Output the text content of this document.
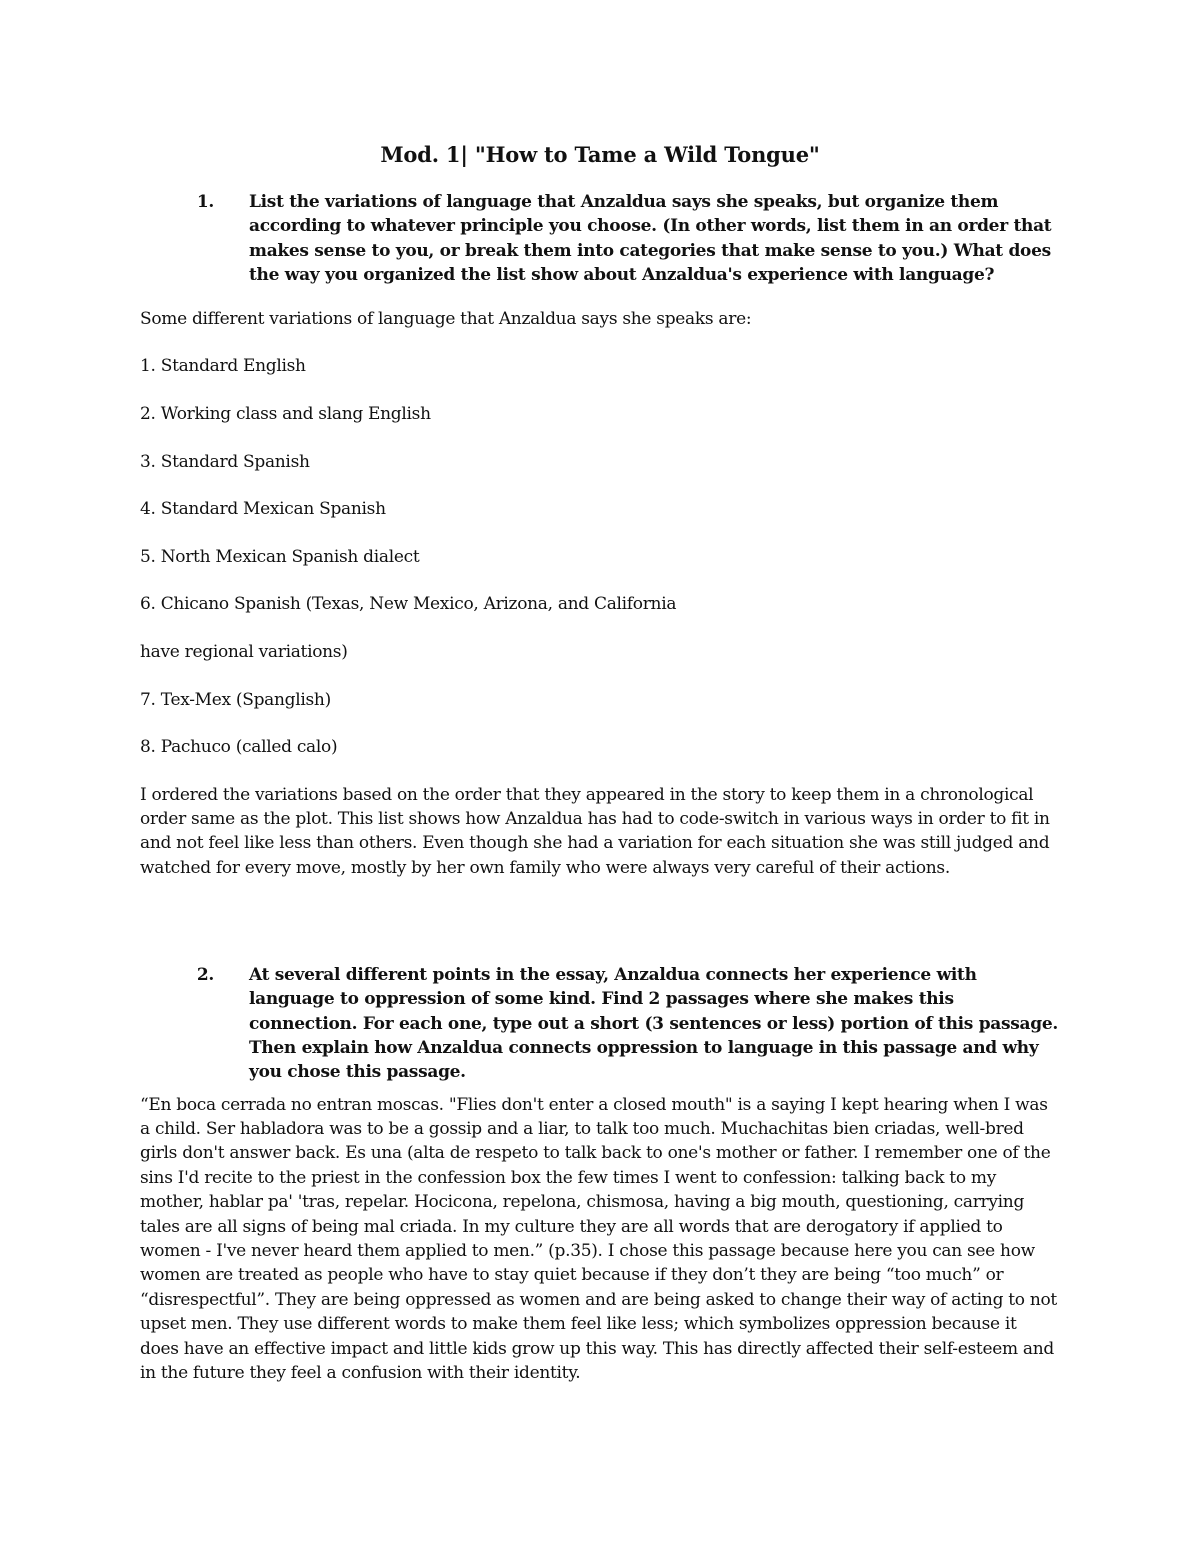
Mod. 1| "How to Tame a Wild Tongue"
1.	List the variations of language that Anzaldua says she speaks, but organize them according to whatever principle you choose. (In other words, list them in an order that makes sense to you, or break them into categories that make sense to you.) What does the way you organized the list show about Anzaldua's experience with language?

Some different variations of language that Anzaldua says she speaks are:

1. Standard English

2. Working class and slang English

3. Standard Spanish

4. Standard Mexican Spanish

5. North Mexican Spanish dialect

6. Chicano Spanish (Texas, New Mexico, Arizona, and California

have regional variations)

7. Tex-Mex (Spanglish)

8. Pachuco (called calo)

I ordered the variations based on the order that they appeared in the story to keep them in a chronological order same as the plot. This list shows how Anzaldua has had to code-switch in various ways in order to fit in and not feel like less than others. Even though she had a variation for each situation she was still judged and watched for every move, mostly by her own family who were always very careful of their actions.

2.	At several different points in the essay, Anzaldua connects her experience with language to oppression of some kind. Find 2 passages where she makes this connection. For each one, type out a short (3 sentences or less) portion of this passage. Then explain how Anzaldua connects oppression to language in this passage and why you chose this passage.

“En boca cerrada no entran moscas. "Flies don't enter a closed mouth" is a saying I kept hearing when I was a child. Ser habladora was to be a gossip and a liar, to talk too much. Muchachitas bien criadas, well-bred girls don't answer back. Es una (alta de respeto to talk back to one's mother or father. I remember one of the sins I'd recite to the priest in the confession box the few times I went to confession: talking back to my mother, hablar pa' 'tras, repelar. Hocicona, repelona, chismosa, having a big mouth, questioning, carrying tales are all signs of being mal criada. In my culture they are all words that are derogatory if applied to women - I've never heard them applied to men.” (p.35). I chose this passage because here you can see how women are treated as people who have to stay quiet because if they don’t they are being “too much” or “disrespectful”. They are being oppressed as women and are being asked to change their way of acting to not upset men. They use different words to make them feel like less; which symbolizes oppression because it does have an effective impact and little kids grow up this way. This has directly affected their self-esteem and in the future they feel a confusion with their identity.
